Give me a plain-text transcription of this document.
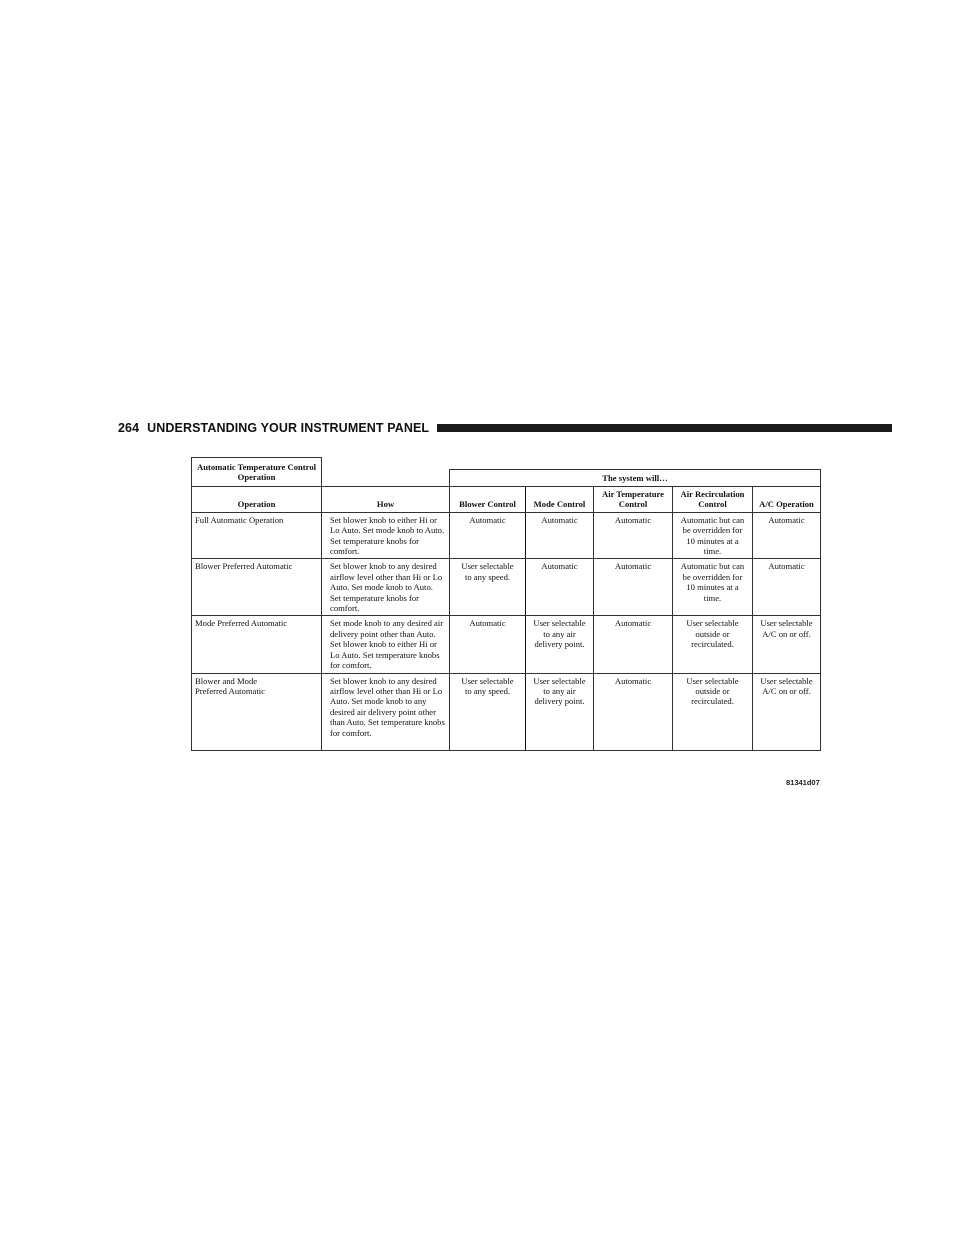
264 UNDERSTANDING YOUR INSTRUMENT PANEL
Automatic Temperature Control Operation						
		The system will…				
Operation	How	Blower Control	Mode Control	Air Temperature Control	Air Recirculation Control	A/C Operation
Full Automatic Operation	Set blower knob to either Hi or Lo Auto. Set mode knob to Auto. Set temperature knobs for comfort.	Automatic	Automatic	Automatic	Automatic but can be overridden for 10 minutes at a time.	Automatic
Blower Preferred Automatic	Set blower knob to any desired airflow level other than Hi or Lo Auto. Set mode knob to Auto. Set temperature knobs for comfort.	User selectable to any speed.	Automatic	Automatic	Automatic but can be overridden for 10 minutes at a time.	Automatic
Mode Preferred Automatic	Set mode knob to any desired air delivery point other than Auto. Set blower knob to either Hi or Lo Auto. Set temperature knobs for comfort.	Automatic	User selectable to any air delivery point.	Automatic	User selectable outside or recirculated.	User selectable A/C on or off.
Blower and Mode Preferred Automatic	Set blower knob to any desired airflow level other than Hi or Lo Auto. Set mode knob to any desired air delivery point other than Auto. Set temperature knobs for comfort.	User selectable to any speed.	User selectable to any air delivery point.	Automatic	User selectable outside or recirculated.	User selectable A/C on or off.
81341d07
